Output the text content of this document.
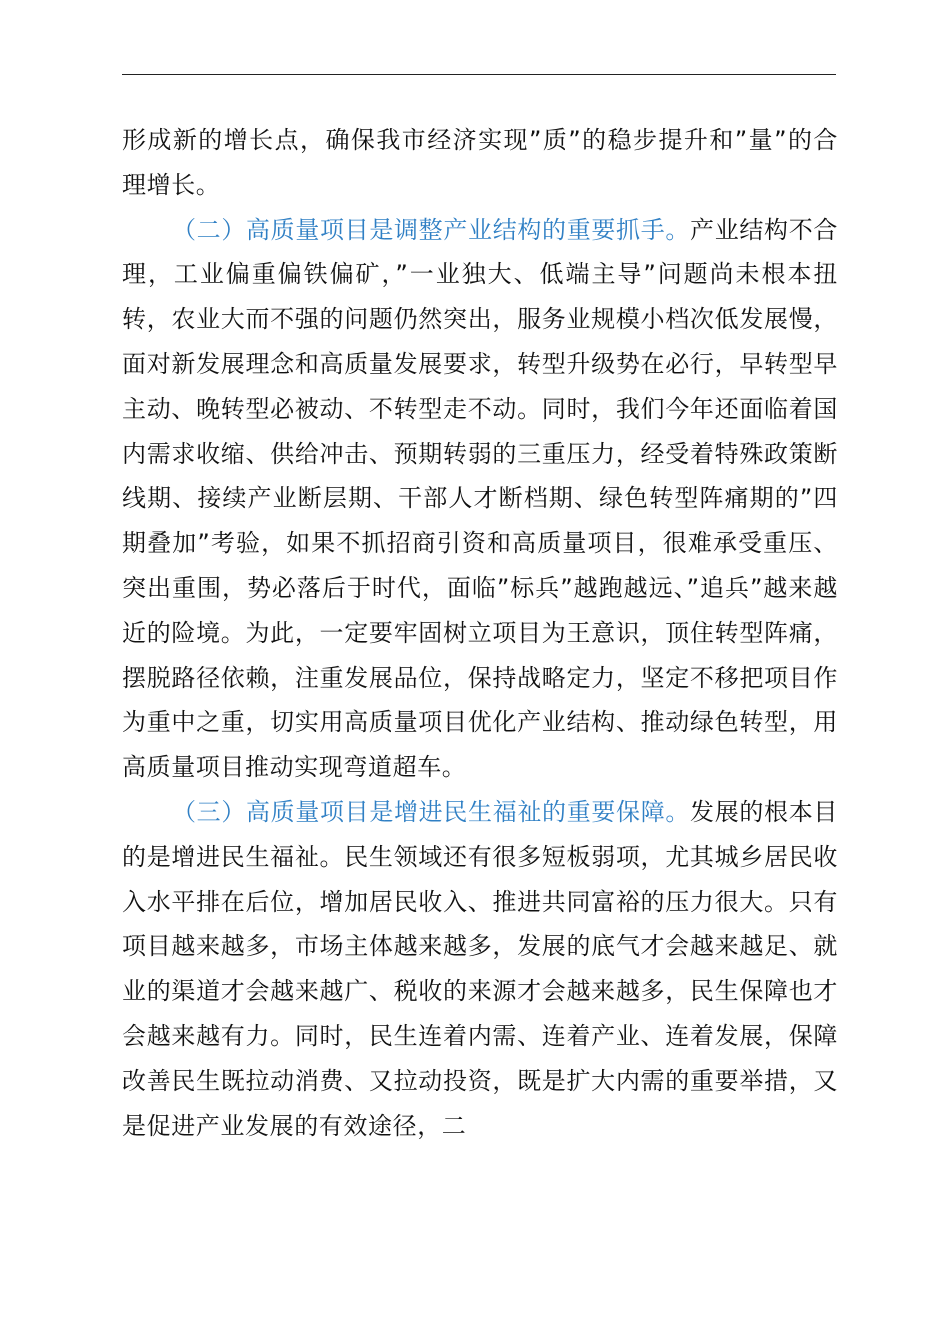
形成新的增长点，确保我市经济实现”质”的稳步提升和”量”的合理增长。

（二）高质量项目是调整产业结构的重要抓手。产业结构不合理，工业偏重偏铁偏矿，”一业独大、低端主导”问题尚未根本扭转，农业大而不强的问题仍然突出，服务业规模小档次低发展慢，面对新发展理念和高质量发展要求，转型升级势在必行，早转型早主动、晚转型必被动、不转型走不动。同时，我们今年还面临着国内需求收缩、供给冲击、预期转弱的三重压力，经受着特殊政策断线期、接续产业断层期、干部人才断档期、绿色转型阵痛期的”四期叠加”考验，如果不抓招商引资和高质量项目，很难承受重压、突出重围，势必落后于时代，面临”标兵”越跑越远、”追兵”越来越近的险境。为此，一定要牢固树立项目为王意识，顶住转型阵痛，摆脱路径依赖，注重发展品位，保持战略定力，坚定不移把项目作为重中之重，切实用高质量项目优化产业结构、推动绿色转型，用高质量项目推动实现弯道超车。

（三）高质量项目是增进民生福祉的重要保障。发展的根本目的是增进民生福祉。民生领域还有很多短板弱项，尤其城乡居民收入水平排在后位，增加居民收入、推进共同富裕的压力很大。只有项目越来越多，市场主体越来越多，发展的底气才会越来越足、就业的渠道才会越来越广、税收的来源才会越来越多，民生保障也才会越来越有力。同时，民生连着内需、连着产业、连着发展，保障改善民生既拉动消费、又拉动投资，既是扩大内需的重要举措，又是促进产业发展的有效途径，二
